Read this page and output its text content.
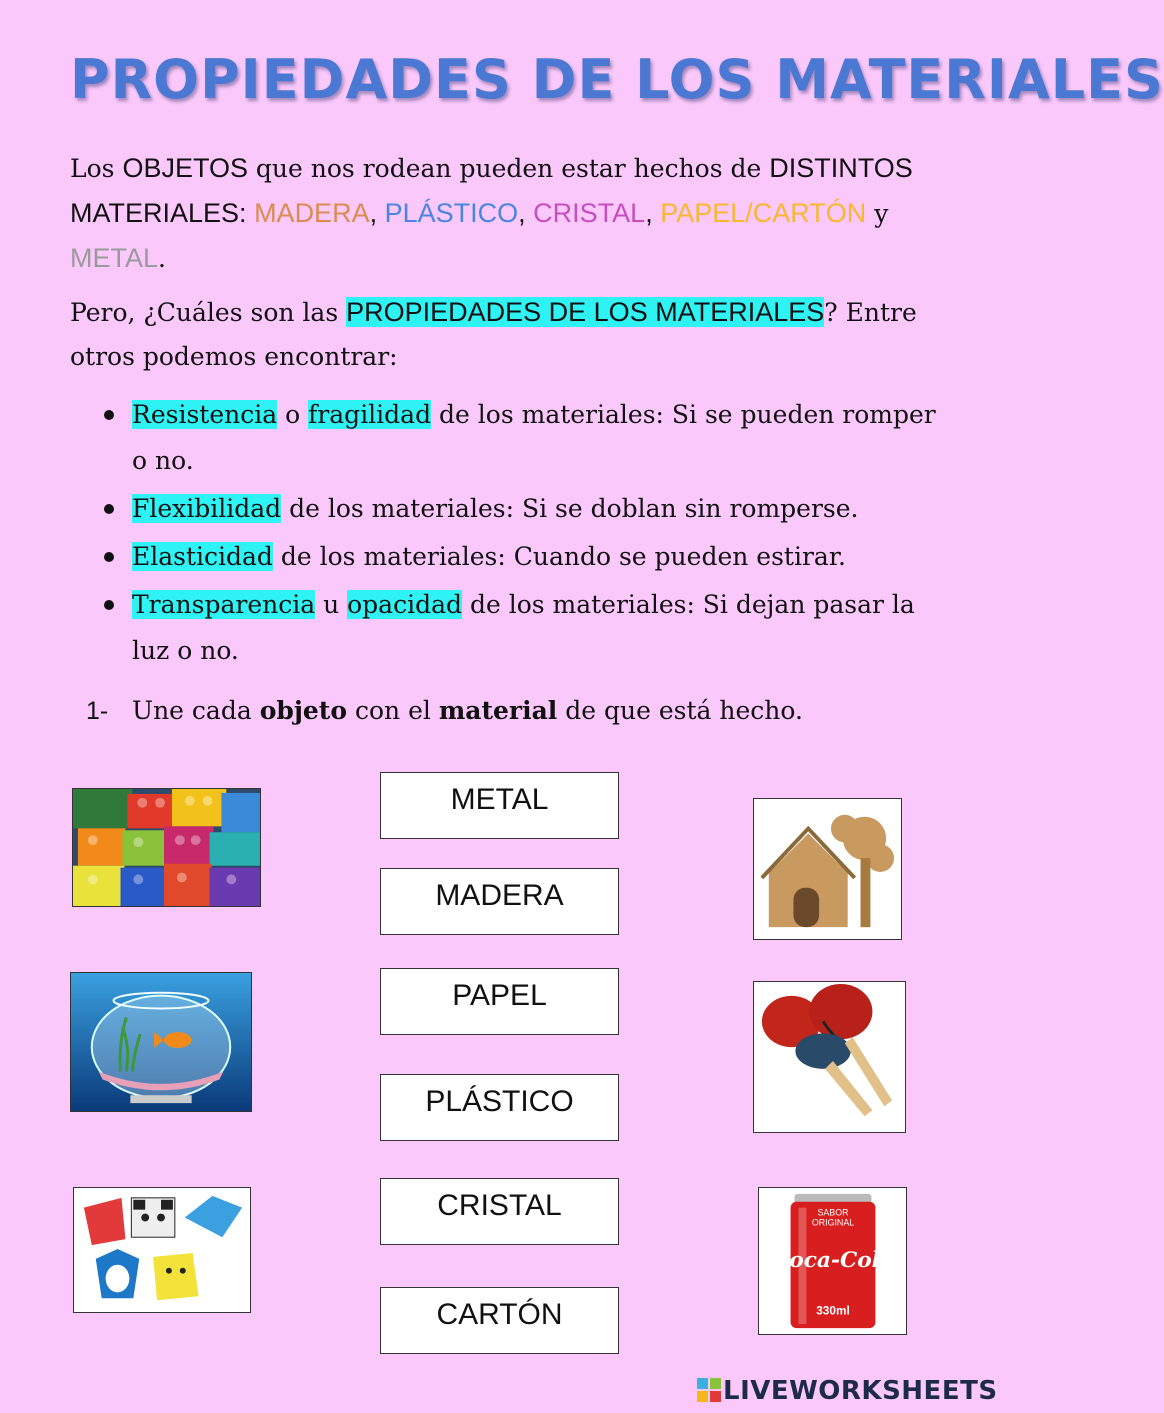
PROPIEDADES DE LOS MATERIALES
Los OBJETOS que nos rodean pueden estar hechos de DISTINTOS MATERIALES: MADERA, PLÁSTICO, CRISTAL, PAPEL/CARTÓN y METAL.
Pero, ¿Cuáles son las PROPIEDADES DE LOS MATERIALES? Entre otros podemos encontrar:
Resistencia o fragilidad de los materiales: Si se pueden romper o no.
Flexibilidad de los materiales: Si se doblan sin romperse.
Elasticidad de los materiales: Cuando se pueden estirar.
Transparencia u opacidad de los materiales: Si dejan pasar la luz o no.
1- Une cada objeto con el material de que está hecho.
METAL
MADERA
PAPEL
PLÁSTICO
CRISTAL
CARTÓN
SABOR
ORIGINAL
Coca-Cola
330ml
LIVEWORKSHEETS
